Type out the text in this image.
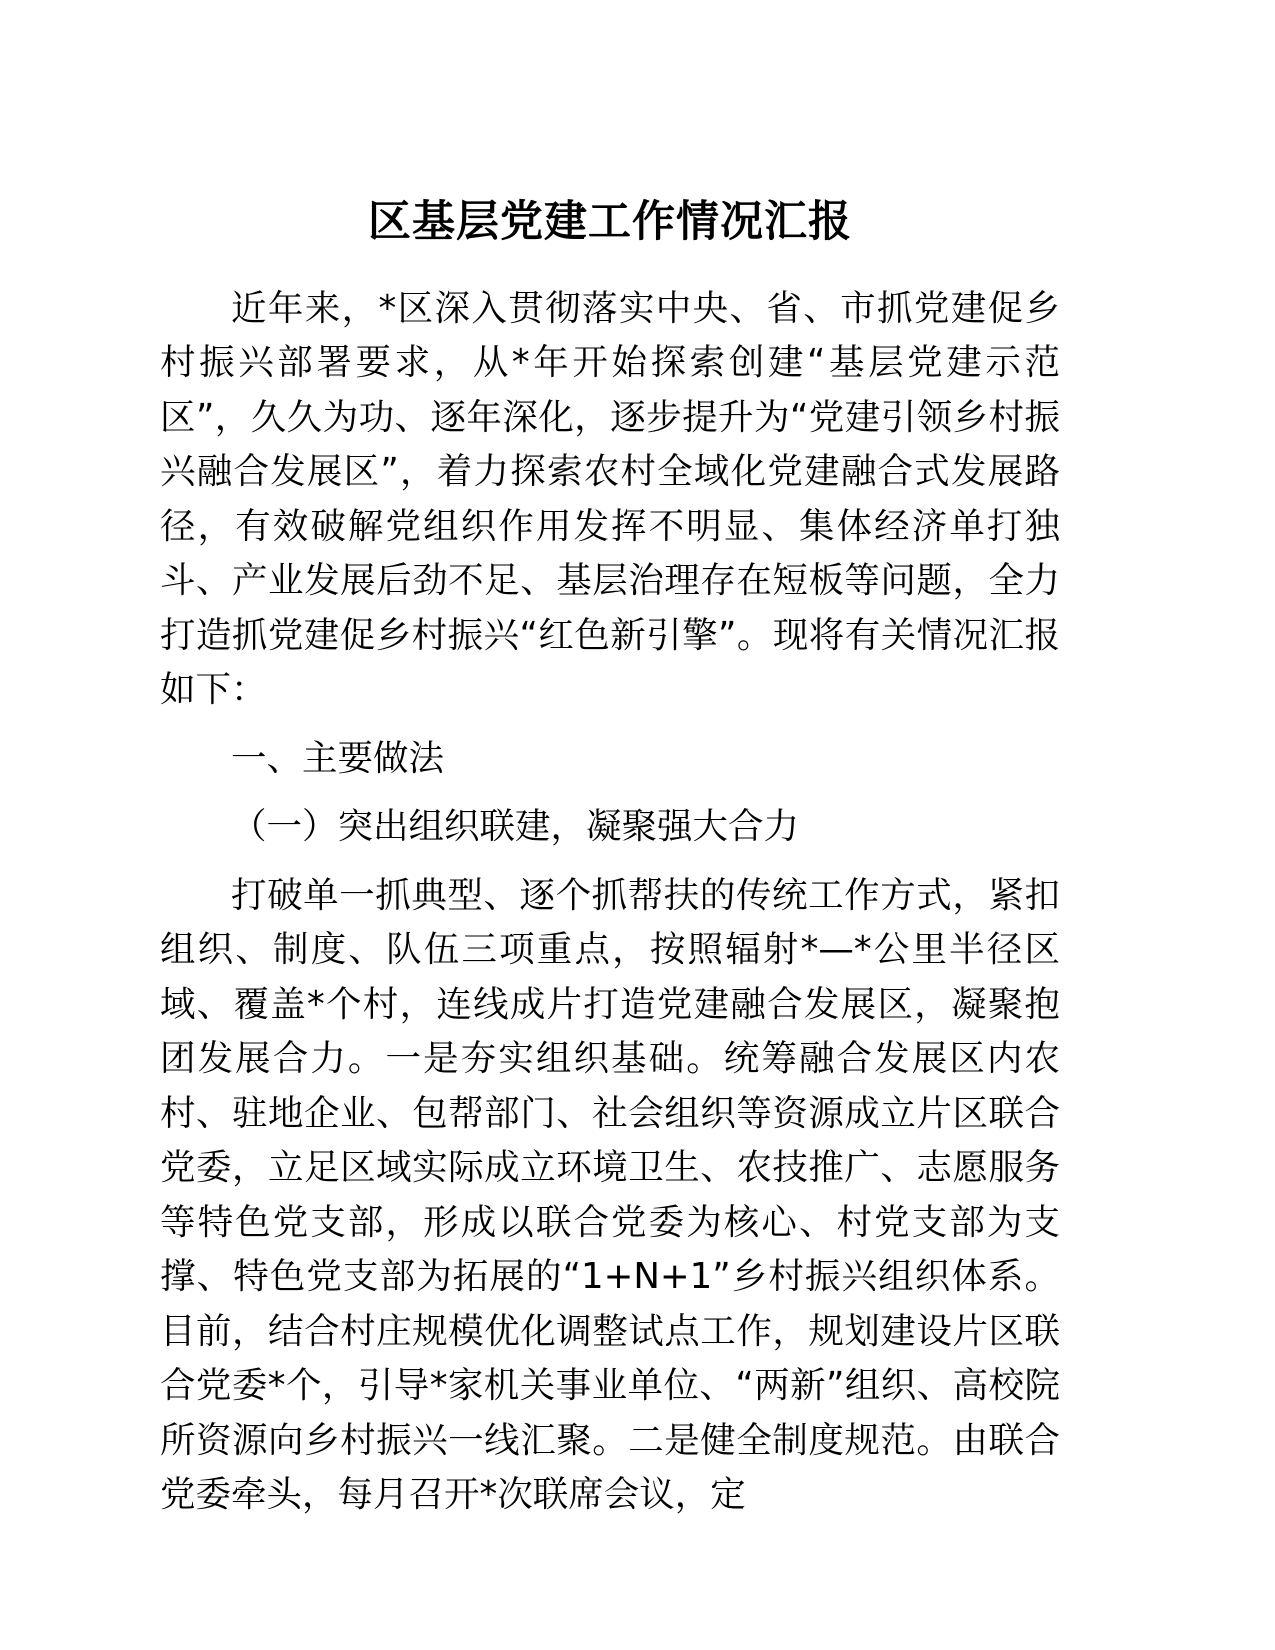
区基层党建工作情况汇报

近年来，*区深入贯彻落实中央、省、市抓党建促乡村振兴部署要求，从*年开始探索创建“基层党建示范区”，久久为功、逐年深化，逐步提升为“党建引领乡村振兴融合发展区”，着力探索农村全域化党建融合式发展路径，有效破解党组织作用发挥不明显、集体经济单打独斗、产业发展后劲不足、基层治理存在短板等问题，全力打造抓党建促乡村振兴“红色新引擎”。现将有关情况汇报如下：

一、主要做法

（一）突出组织联建，凝聚强大合力

打破单一抓典型、逐个抓帮扶的传统工作方式，紧扣组织、制度、队伍三项重点，按照辐射*—*公里半径区域、覆盖*个村，连线成片打造党建融合发展区，凝聚抱团发展合力。一是夯实组织基础。统筹融合发展区内农村、驻地企业、包帮部门、社会组织等资源成立片区联合党委，立足区域实际成立环境卫生、农技推广、志愿服务等特色党支部，形成以联合党委为核心、村党支部为支撑、特色党支部为拓展的“1+N+1”乡村振兴组织体系。目前，结合村庄规模优化调整试点工作，规划建设片区联合党委*个，引导*家机关事业单位、“两新”组织、高校院所资源向乡村振兴一线汇聚。二是健全制度规范。由联合党委牵头，每月召开*次联席会议，定
